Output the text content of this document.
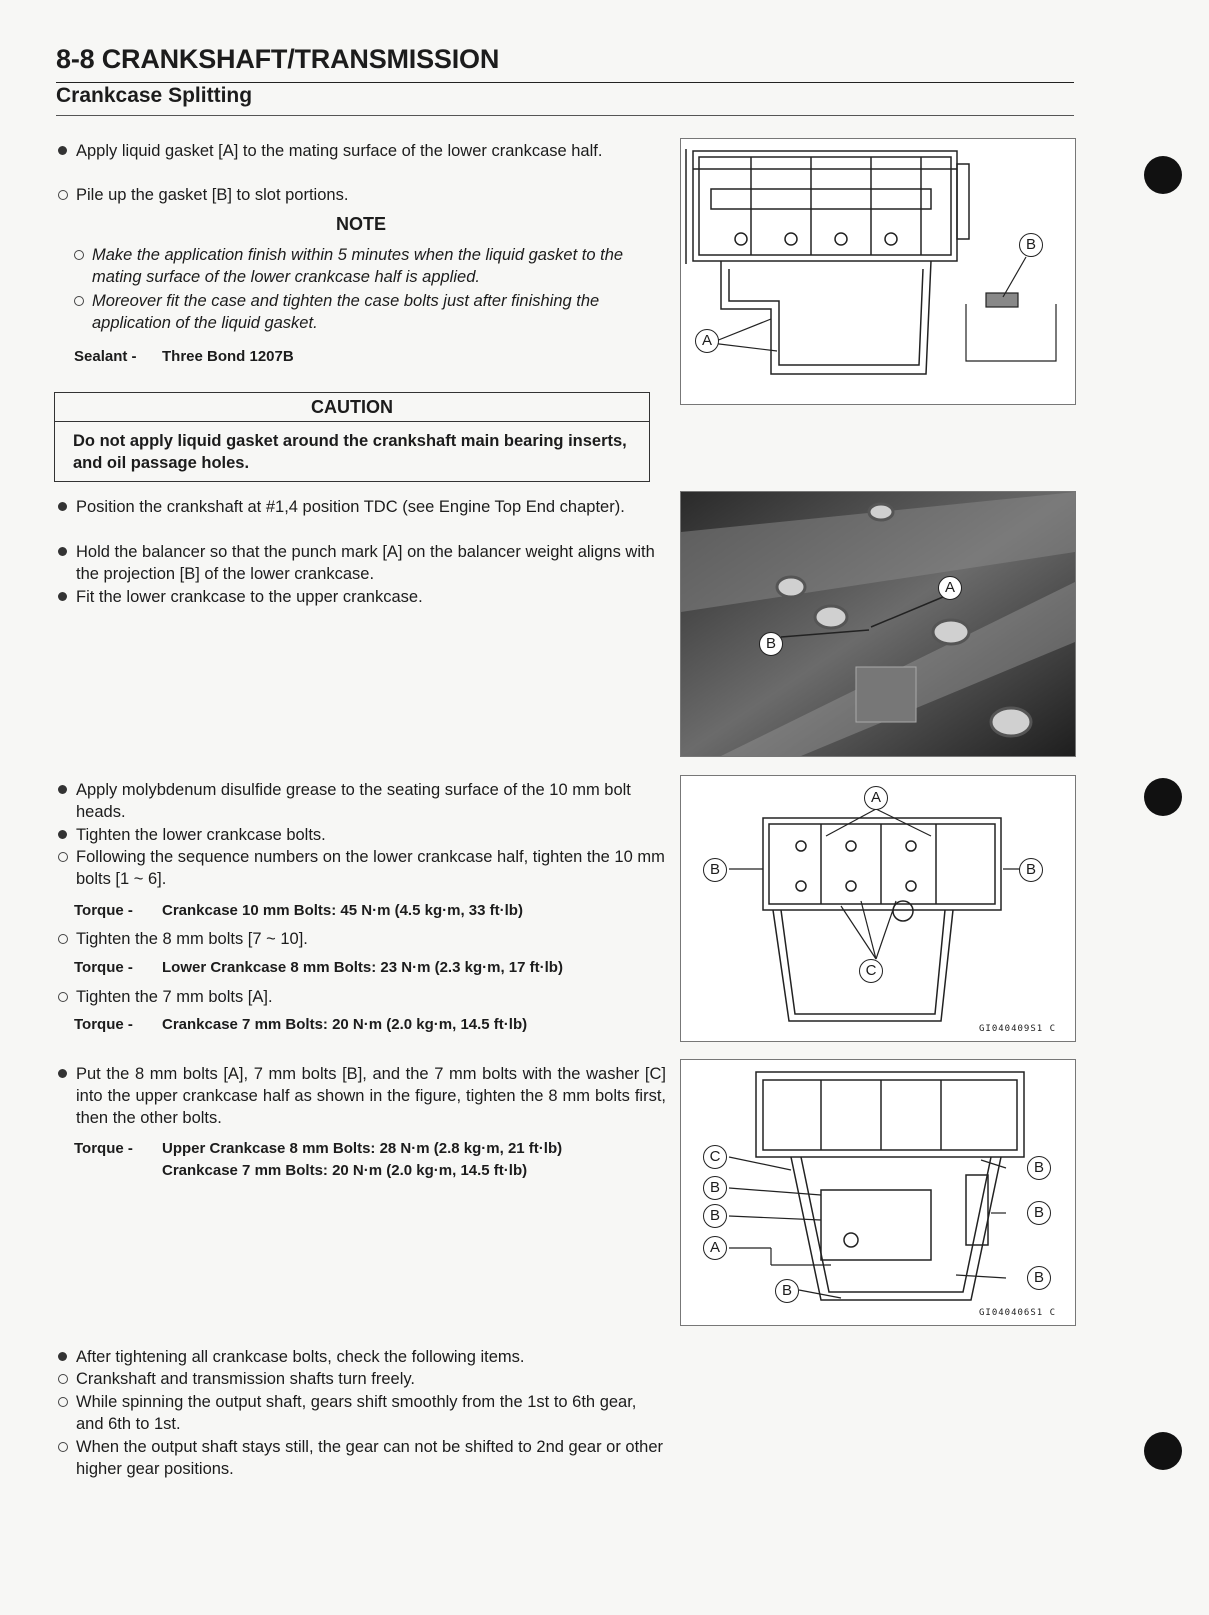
8-8 CRANKSHAFT/TRANSMISSION
Crankcase Splitting
Apply liquid gasket [A] to the mating surface of the lower crankcase half.
Pile up the gasket [B] to slot portions.
NOTE
Make the application finish within 5 minutes when the liquid gasket to the mating surface of the lower crankcase half is applied.
Moreover fit the case and tighten the case bolts just after finishing the application of the liquid gasket.
Sealant - Three Bond 1207B
CAUTION
Do not apply liquid gasket around the crankshaft main bearing inserts, and oil passage holes.
Position the crankshaft at #1,4 position TDC (see Engine Top End chapter).
Hold the balancer so that the punch mark [A] on the balancer weight aligns with the projection [B] of the lower crankcase.
Fit the lower crankcase to the upper crankcase.
Apply molybdenum disulfide grease to the seating surface of the 10 mm bolt heads.
Tighten the lower crankcase bolts.
Following the sequence numbers on the lower crankcase half, tighten the 10 mm bolts [1 ~ 6].
Torque - Crankcase 10 mm Bolts: 45 N·m (4.5 kg·m, 33 ft·lb)
Tighten the 8 mm bolts [7 ~ 10].
Torque - Lower Crankcase 8 mm Bolts: 23 N·m (2.3 kg·m, 17 ft·lb)
Tighten the 7 mm bolts [A].
Torque - Crankcase 7 mm Bolts: 20 N·m (2.0 kg·m, 14.5 ft·lb)
Put the 8 mm bolts [A], 7 mm bolts [B], and the 7 mm bolts with the washer [C] into the upper crankcase half as shown in the figure, tighten the 8 mm bolts first, then the other bolts.
Torque - Upper Crankcase 8 mm Bolts: 28 N·m (2.8 kg·m, 21 ft·lb)
Crankcase 7 mm Bolts: 20 N·m (2.0 kg·m, 14.5 ft·lb)
After tightening all crankcase bolts, check the following items.
Crankshaft and transmission shafts turn freely.
While spinning the output shaft, gears shift smoothly from the 1st to 6th gear, and 6th to 1st.
When the output shaft stays still, the gear can not be shifted to 2nd gear or other higher gear positions.
A
B
A
B
A
B	B
C
GI040409S1 C
C
B
B
A
B
B
B
B
GI040406S1 C
